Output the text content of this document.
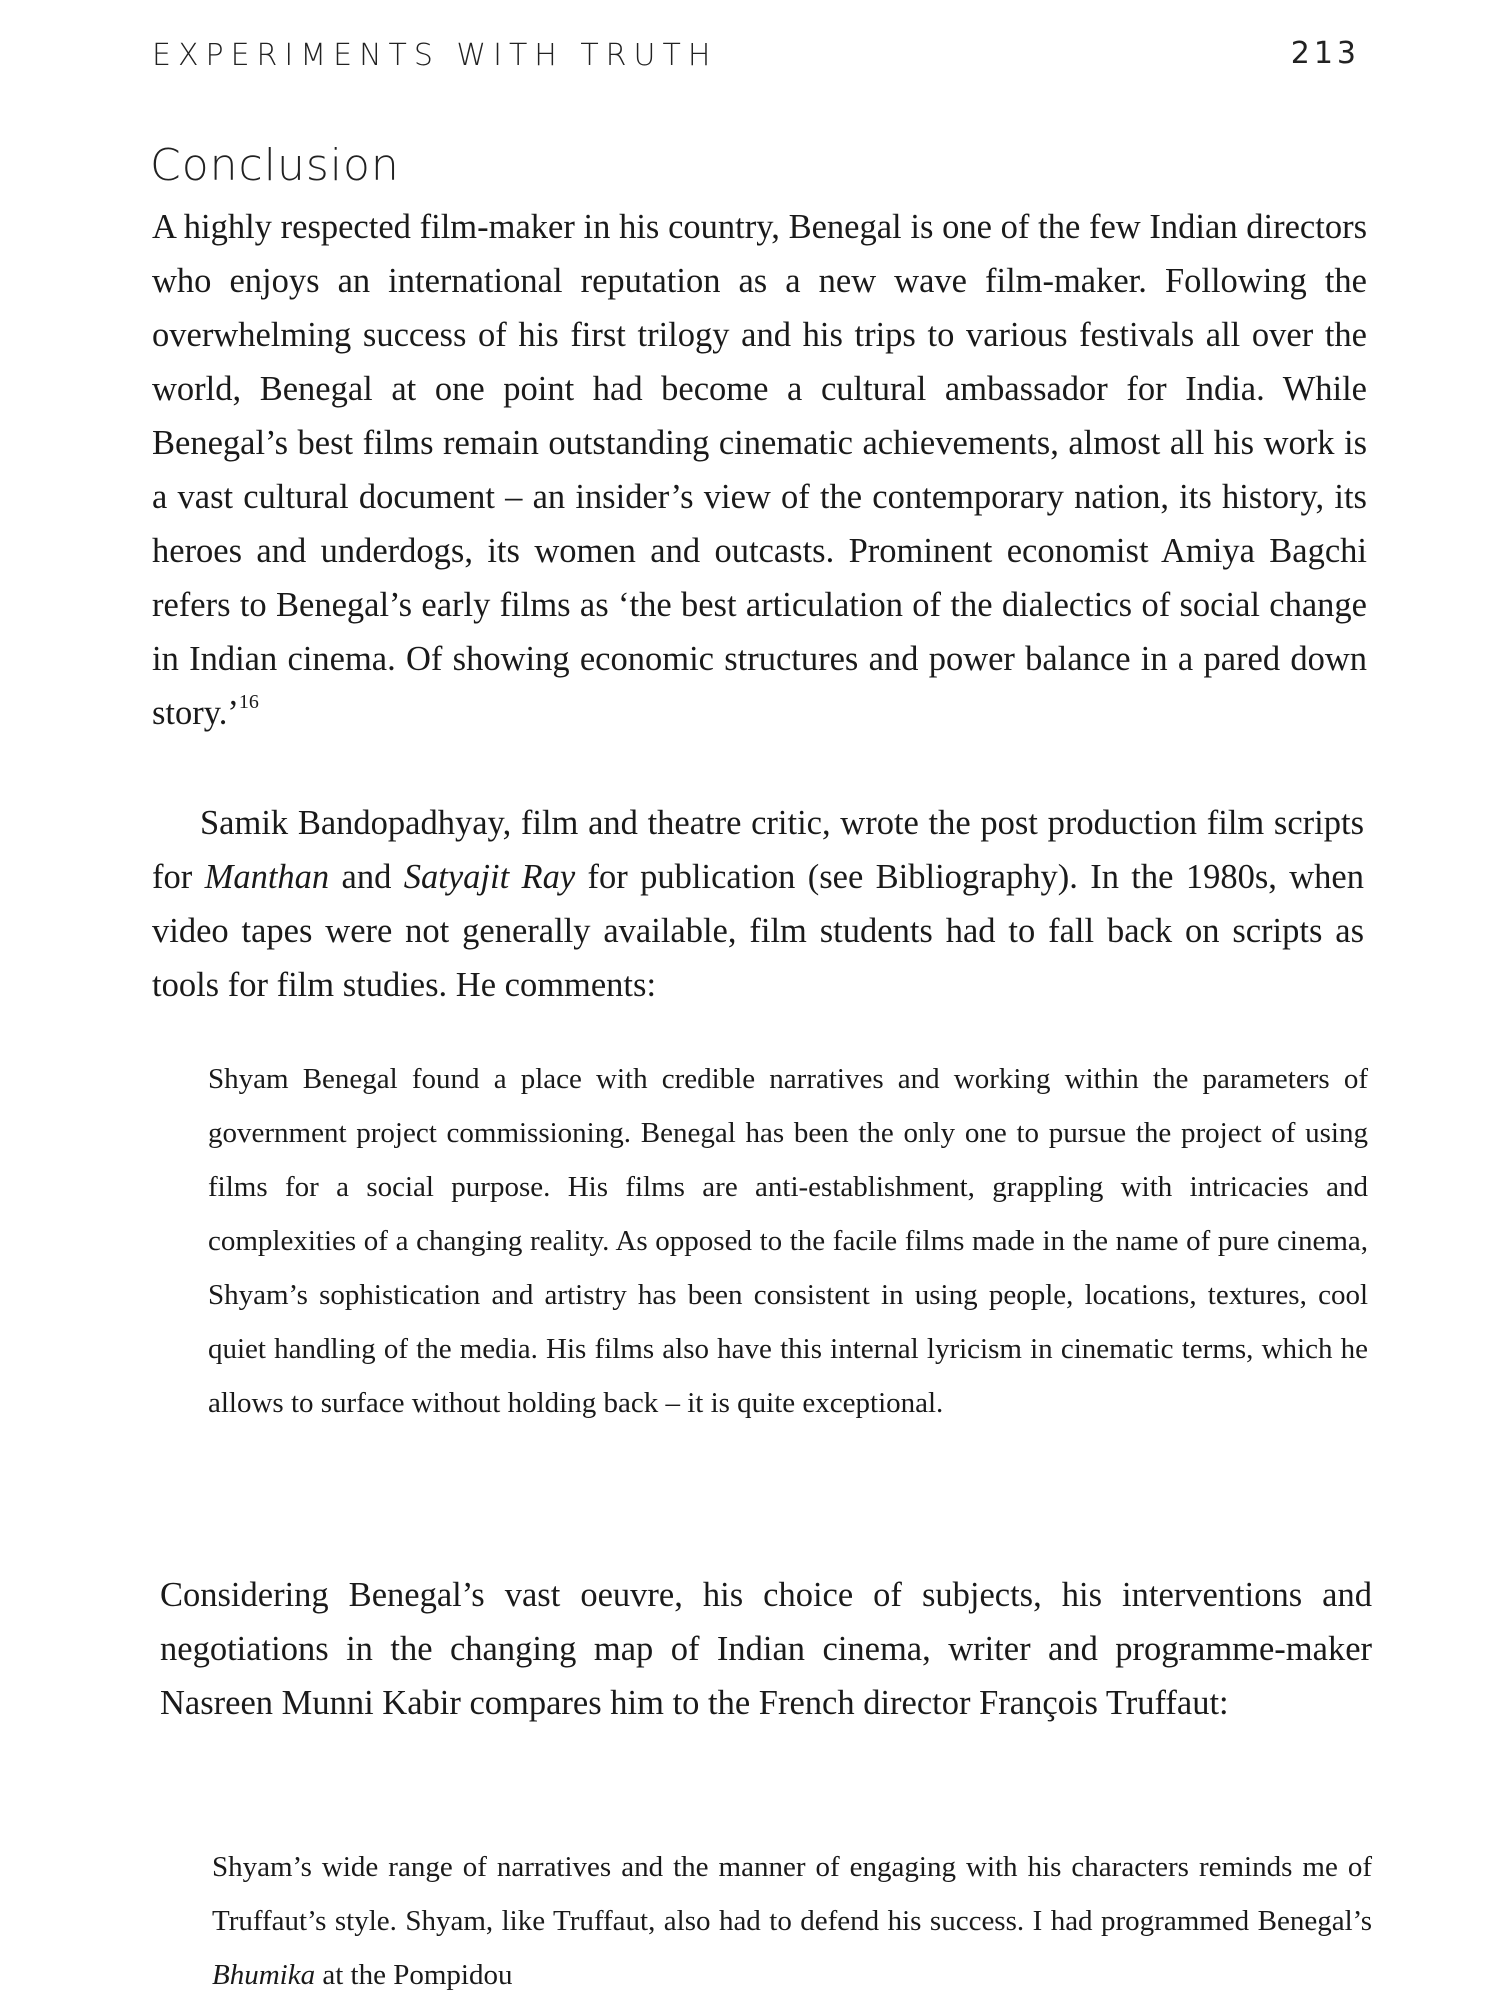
EXPERIMENTS WITH TRUTH	213
Conclusion

A highly respected film-maker in his country, Benegal is one of the few Indian directors who enjoys an international reputation as a new wave film-maker. Following the overwhelming success of his first trilogy and his trips to various festivals all over the world, Benegal at one point had become a cultural ambassador for India. While Benegal’s best films remain outstanding cinematic achievements, almost all his work is a vast cultural document – an insider’s view of the contemporary nation, its history, its heroes and underdogs, its women and outcasts. Prominent economist Amiya Bagchi refers to Benegal’s early films as ‘the best articulation of the dialectics of social change in Indian cinema. Of showing economic structures and power balance in a pared down story.’$^{16}$

Samik Bandopadhyay, film and theatre critic, wrote the post production film scripts for Manthan and Satyajit Ray for publication (see Bibliography). In the 1980s, when video tapes were not generally available, film students had to fall back on scripts as tools for film studies. He comments:

Shyam Benegal found a place with credible narratives and working within the parameters of government project commissioning. Benegal has been the only one to pursue the project of using films for a social purpose. His films are anti-establishment, grappling with intricacies and complexities of a changing reality. As opposed to the facile films made in the name of pure cinema, Shyam’s sophistication and artistry has been consistent in using people, locations, textures, cool quiet handling of the media. His films also have this internal lyricism in cinematic terms, which he allows to surface without holding back – it is quite exceptional.

Considering Benegal’s vast oeuvre, his choice of subjects, his interventions and negotiations in the changing map of Indian cinema, writer and programme-maker Nasreen Munni Kabir compares him to the French director François Truffaut:

Shyam’s wide range of narratives and the manner of engaging with his characters reminds me of Truffaut’s style. Shyam, like Truffaut, also had to defend his success. I had programmed Benegal’s Bhumika at the Pompidou
